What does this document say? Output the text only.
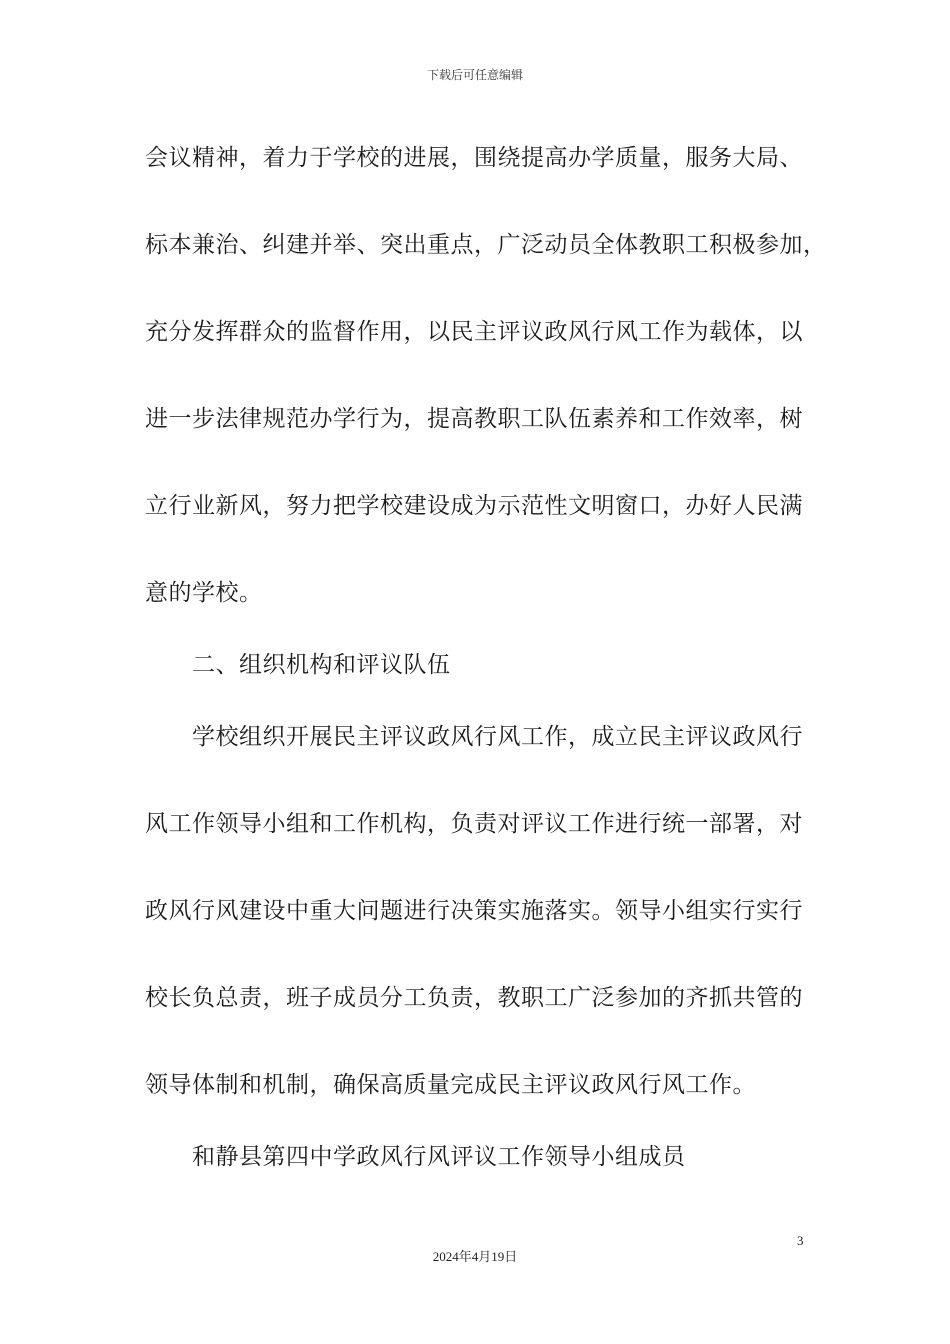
下载后可任意编辑
会议精神，着力于学校的进展，围绕提高办学质量，服务大局、
标本兼治、纠建并举、突出重点，广泛动员全体教职工积极参加，
充分发挥群众的监督作用，以民主评议政风行风工作为载体，以
进一步法律规范办学行为，提高教职工队伍素养和工作效率，树
立行业新风，努力把学校建设成为示范性文明窗口，办好人民满
意的学校。
二、组织机构和评议队伍
学校组织开展民主评议政风行风工作，成立民主评议政风行
风工作领导小组和工作机构，负责对评议工作进行统一部署，对
政风行风建设中重大问题进行决策实施落实。领导小组实行实行
校长负总责，班子成员分工负责，教职工广泛参加的齐抓共管的
领导体制和机制，确保高质量完成民主评议政风行风工作。
和静县第四中学政风行风评议工作领导小组成员
3
2024年4月19日
